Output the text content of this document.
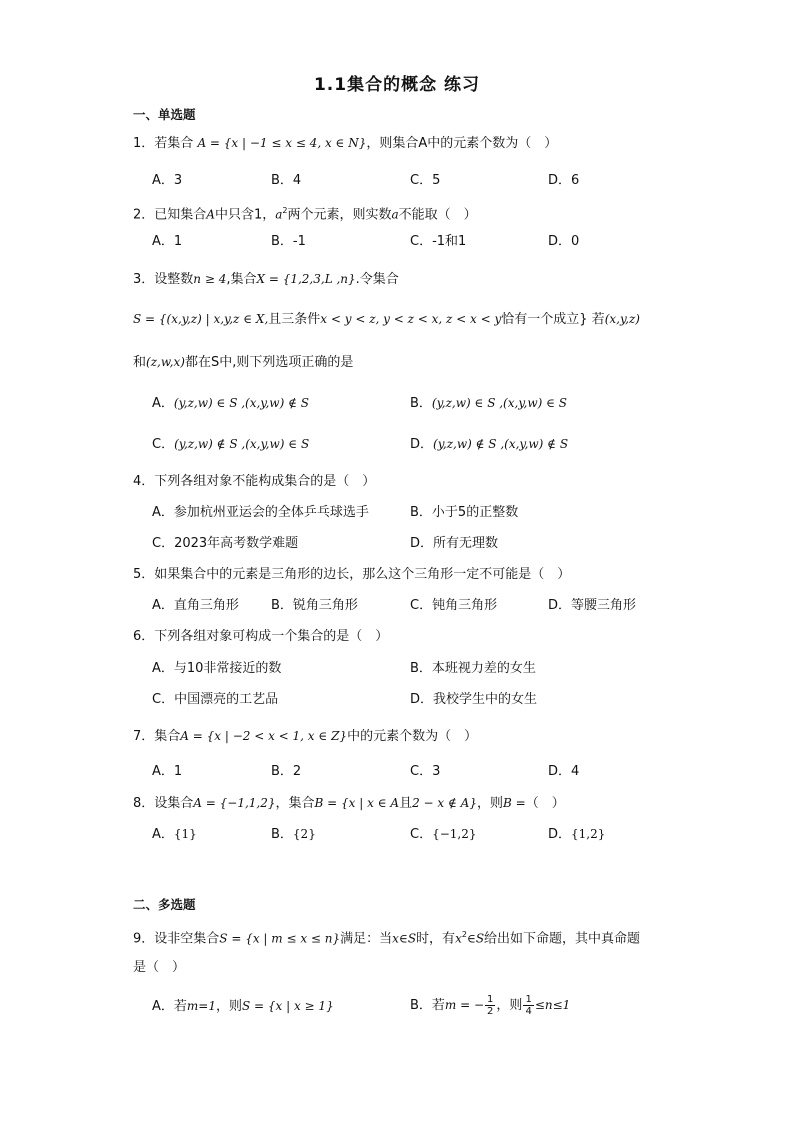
1.1集合的概念 练习
一、单选题
1．若集合 A = {x | −1 ≤ x ≤ 4, x ∈ N}，则集合A中的元素个数为（　）
A．3	B．4	C．5	D．6
2．已知集合A中只含1，$a^2$两个元素，则实数a不能取（　）
A．1	B．-1	C．-1和1	D．0
3．设整数n ≥ 4,集合X = {1,2,3,L ,n}.令集合
S = {(x,y,z) | x,y,z ∈ X,且三条件x < y < z, y < z < x, z < x < y恰有一个成立} 若(x,y,z)
和(z,w,x)都在S中,则下列选项正确的是
A．(y,z,w) ∈ S ,(x,y,w) ∉ S	B．(y,z,w) ∈ S ,(x,y,w) ∈ S
C．(y,z,w) ∉ S ,(x,y,w) ∈ S	D．(y,z,w) ∉ S ,(x,y,w) ∉ S
4．下列各组对象不能构成集合的是（　）
A．参加杭州亚运会的全体乒乓球选手	B．小于5的正整数
C．2023年高考数学难题	D．所有无理数
5．如果集合中的元素是三角形的边长，那么这个三角形一定不可能是（　）
A．直角三角形 B．锐角三角形	C．钝角三角形	D．等腰三角形
6．下列各组对象可构成一个集合的是（　）
A．与10非常接近的数	B．本班视力差的女生
C．中国漂亮的工艺品	D．我校学生中的女生
7．集合A = {x | −2 < x < 1, x ∈ Z}中的元素个数为（　）
A．1	B．2	C．3	D．4
8．设集合A = {−1,1,2}，集合B = {x | x ∈ A且2 − x ∉ A}，则B =（　）
A．{1}	B．{2}	C．{−1,2}	D．{1,2}
二、多选题
9．设非空集合S = {x | m ≤ x ≤ n}满足：当x∈S时，有$x^2\in S$给出如下命题，其中真命题
是（　）
A．若m=1，则S = {x | x ≥ 1}	B．若m = − $\frac{1}{2}$ ，则 $\frac{1}{4} \le n\le 1$
